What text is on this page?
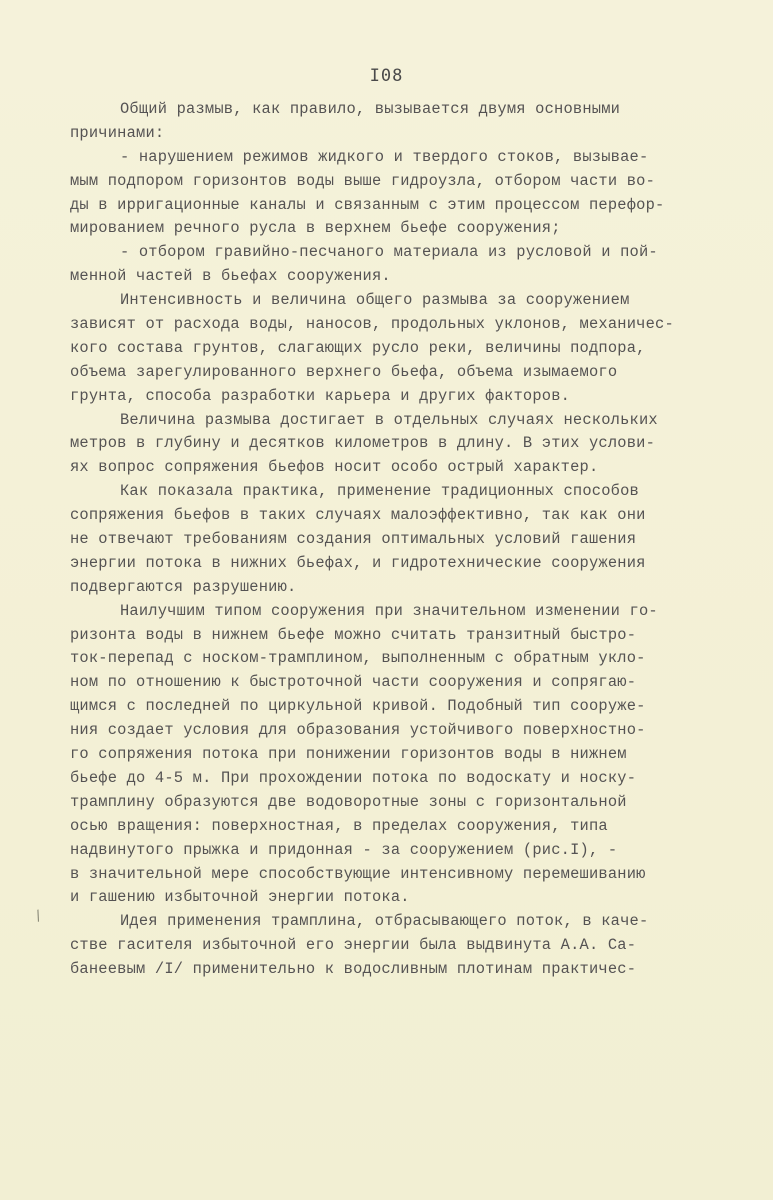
I08
Общий размыв, как правило, вызывается двумя основными
причинами:
- нарушением режимов жидкого и твердого стоков, вызывае-
мым подпором горизонтов воды выше гидроузла, отбором части во-
ды в ирригационные каналы и связанным с этим процессом перефор-
мированием речного русла в верхнем бьефе сооружения;
- отбором гравийно-песчаного материала из русловой и пой-
менной частей в бьефах сооружения.
Интенсивность и величина общего размыва за сооружением
зависят от расхода воды, наносов, продольных уклонов, механичес-
кого состава грунтов, слагающих русло реки, величины подпора,
объема зарегулированного верхнего бьефа, объема изымаемого
грунта, способа разработки карьера и других факторов.
Величина размыва достигает в отдельных случаях нескольких
метров в глубину и десятков километров в длину. В этих услови-
ях вопрос сопряжения бьефов носит особо острый характер.
Как показала практика, применение традиционных способов
сопряжения бьефов в таких случаях малоэффективно, так как они
не отвечают требованиям создания оптимальных условий гашения
энергии потока в нижних бьефах, и гидротехнические сооружения
подвергаются разрушению.
Наилучшим типом сооружения при значительном изменении го-
ризонта воды в нижнем бьефе можно считать транзитный быстро-
ток-перепад с носком-трамплином, выполненным с обратным укло-
ном по отношению к быстроточной части сооружения и сопрягаю-
щимся с последней по циркульной кривой. Подобный тип сооруже-
ния создает условия для образования устойчивого поверхностно-
го сопряжения потока при понижении горизонтов воды в нижнем
бьефе до 4-5 м. При прохождении потока по водоскату и носку-
трамплину образуются две водоворотные зоны с горизонтальной
осью вращения: поверхностная, в пределах сооружения, типа
надвинутого прыжка и придонная - за сооружением (рис.I), -
в значительной мере способствующие интенсивному перемешиванию
и гашению избыточной энергии потока.
Идея применения трамплина, отбрасывающего поток, в каче-
стве гасителя избыточной его энергии была выдвинута А.А. Са-
банеевым /I/ применительно к водосливным плотинам практичес-
/
